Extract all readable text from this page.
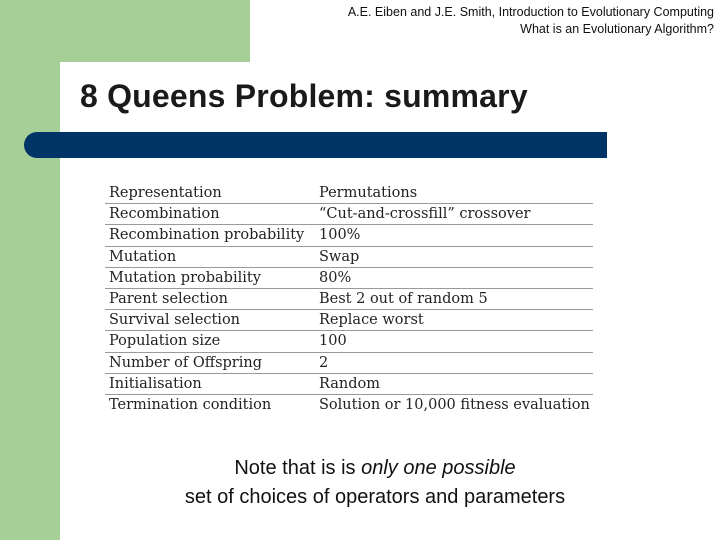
A.E. Eiben and J.E. Smith, Introduction to Evolutionary Computing
What is an Evolutionary Algorithm?
8 Queens Problem: summary
Representation	Permutations
Recombination	“Cut-and-crossfill” crossover
Recombination probability	100%
Mutation	Swap
Mutation probability	80%
Parent selection	Best 2 out of random 5
Survival selection	Replace worst
Population size	100
Number of Offspring	2
Initialisation	Random
Termination condition	Solution or 10,000 fitness evaluation
Note that is is only one possible
set of choices of operators and parameters
